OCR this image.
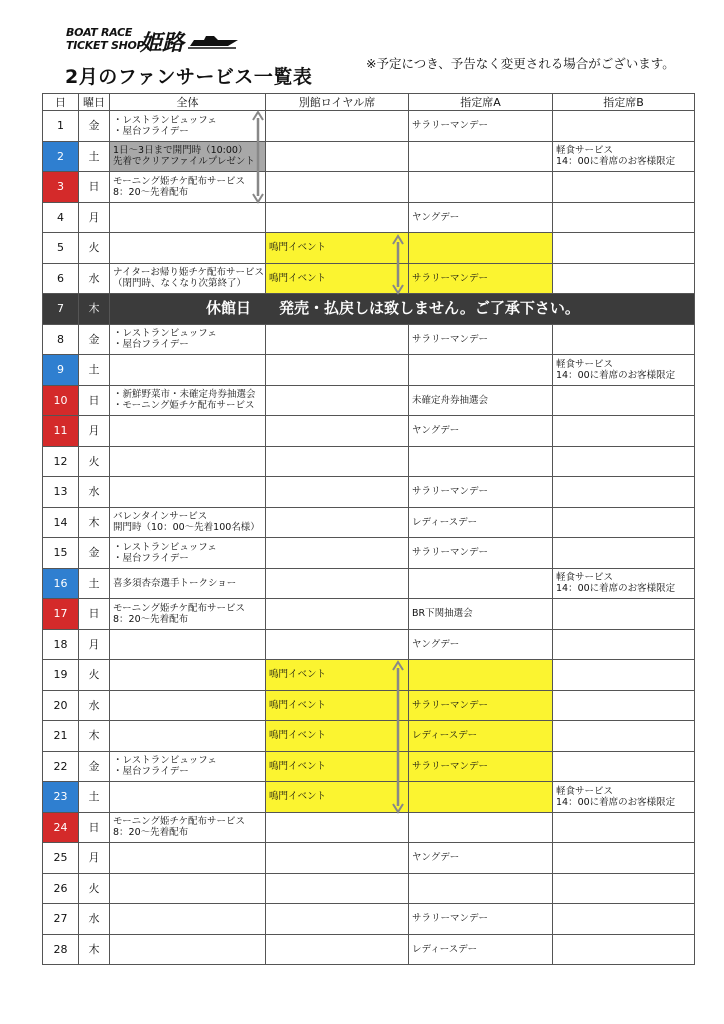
BOAT RACE
TICKET SHOP
姫路
2月のファンサービス一覧表
※予定につき、予告なく変更される場合がございます。
日	曜日	全体	別館ロイヤル席	指定席A	指定席B
1	金	・レストランビュッフェ
・屋台フライデー		サラリーマンデー	
2	土	1日～3日まで開門時（10:00）
先着でクリアファイルプレゼント			軽食サービス
14：00に着席のお客様限定

3	日	モーニング姫チケ配布サービス
8：20～先着配布			

4	月			ヤングデー	
5	火		鳴門イベント		
6	水	ナイターお帰り姫チケ配布サービス
（閉門時、なくなり次第終了）	鳴門イベント	サラリーマンデー	
7	木	休館日 発売・払戻しは致しません。ご了承下さい。			
8	金	・レストランビュッフェ
・屋台フライデー		サラリーマンデー	
9	土				軽食サービス
14：00に着席のお客様限定

10	日	・新鮮野菜市・未確定舟券抽選会
・モーニング姫チケ配布サービス		未確定舟券抽選会	
11	月			ヤングデー	
12	火				
13	水			サラリーマンデー	
14	木	バレンタインサービス
開門時（10：00～先着100名様）		レディースデー	
15	金	・レストランビュッフェ
・屋台フライデー		サラリーマンデー	
16	土	喜多須杏奈選手トークショー			軽食サービス
14：00に着席のお客様限定

17	日	モーニング姫チケ配布サービス
8：20～先着配布		BR下関抽選会	
18	月			ヤングデー	
19	火		鳴門イベント		
20	水		鳴門イベント	サラリーマンデー	
21	木		鳴門イベント	レディースデー	
22	金	・レストランビュッフェ
・屋台フライデー	鳴門イベント	サラリーマンデー	
23	土		鳴門イベント		軽食サービス
14：00に着席のお客様限定

24	日	モーニング姫チケ配布サービス
8：20～先着配布			

25	月			ヤングデー	
26	火				
27	水			サラリーマンデー	
28	木			レディースデー	
